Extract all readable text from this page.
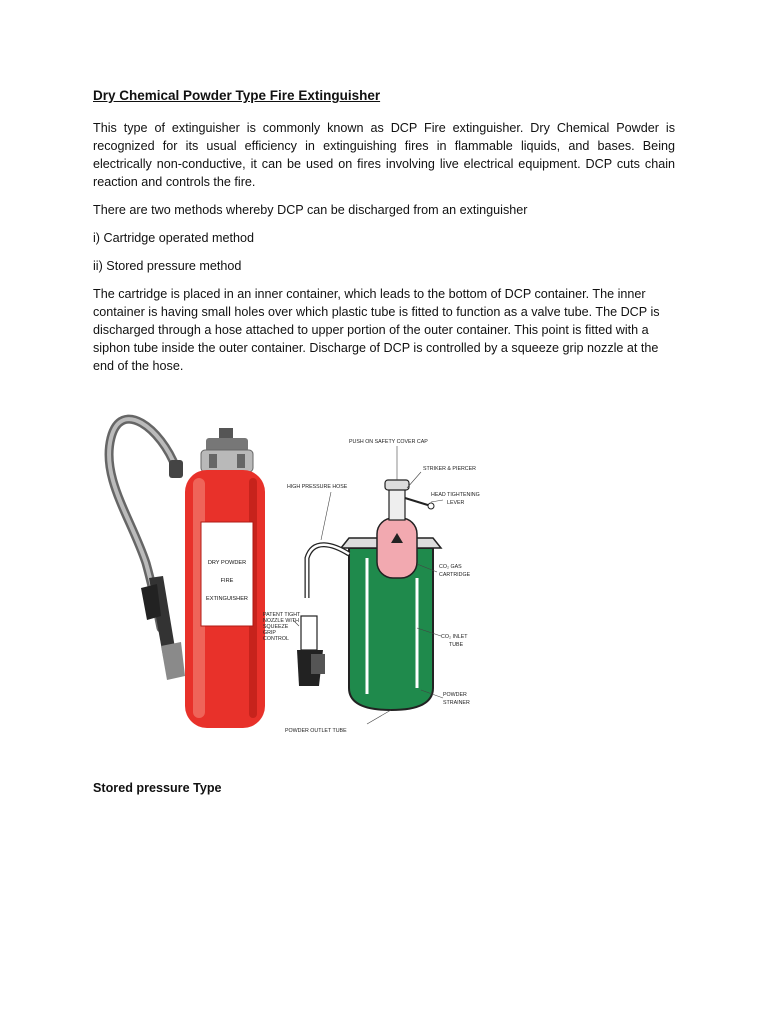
Dry Chemical Powder Type Fire Extinguisher

This type of extinguisher is commonly known as DCP Fire extinguisher. Dry Chemical Powder is recognized for its usual efficiency in extinguishing fires in flammable liquids, and bases. Being electrically non-conductive, it can be used on fires involving live electrical equipment. DCP cuts chain reaction and controls the fire.

There are two methods whereby DCP can be discharged from an extinguisher

i) Cartridge operated method

ii) Stored pressure method

The cartridge is placed in an inner container, which leads to the bottom of DCP container. The inner container is having small holes over which plastic tube is fitted to function as a valve tube. The DCP is discharged through a hose attached to upper portion of the outer container. This point is fitted with a siphon tube inside the outer container. Discharge of DCP is controlled by a squeeze grip nozzle at the end of the hose.

DRY POWDER
FIRE
EXTINGUISHER
PUSH ON SAFETY COVER CAP
STRIKER & PIERCER
HEAD TIGHTENING
LEVER
HIGH PRESSURE HOSE
CO₂ GAS
CARTRIDGE
PATENT TIGHT
NOZZLE WITH
SQUEEZE
GRIP
CONTROL	CO₂ INLET
TUBE
POWDER
STRAINER
POWDER OUTLET TUBE
Stored pressure Type
